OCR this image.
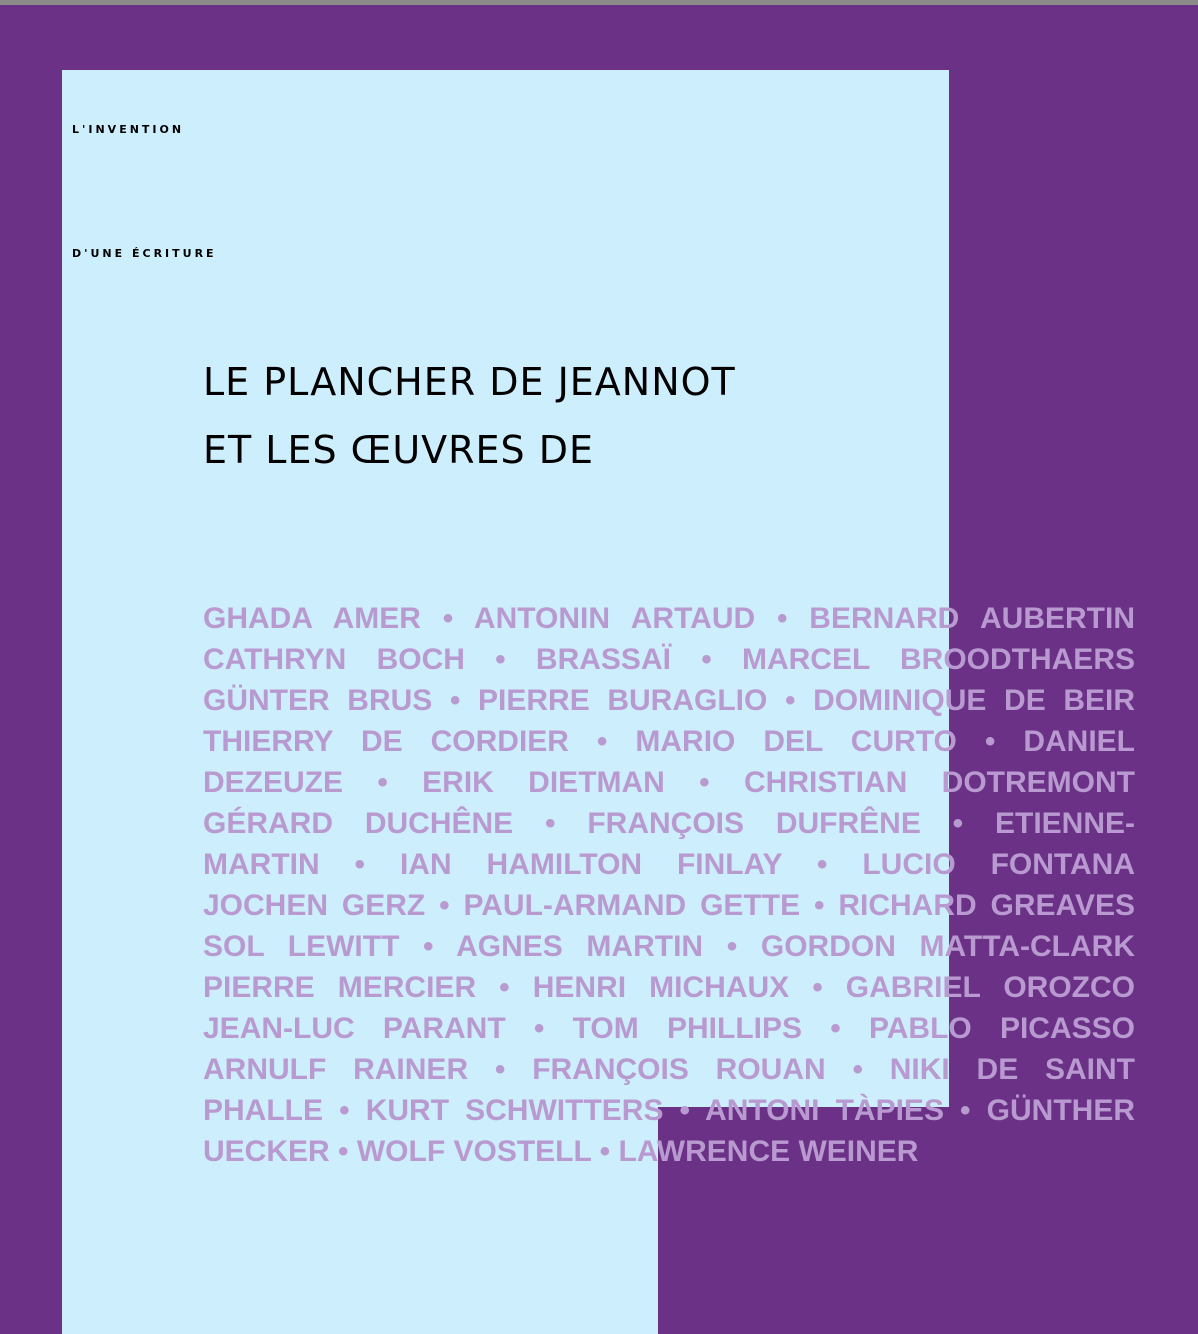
L'INVENTION
D'UNE ÉCRITURE

LE PLANCHER DE JEANNOT

ET LES ŒUVRES DE

GHADA AMER • ANTONIN ARTAUD • BERNARD AUBERTIN
CATHRYN BOCH • BRASSAÏ • MARCEL BROODTHAERS
GÜNTER BRUS • PIERRE BURAGLIO • DOMINIQUE DE BEIR
THIERRY DE CORDIER • MARIO DEL CURTO • DANIEL
DEZEUZE • ERIK DIETMAN • CHRISTIAN DOTREMONT
GÉRARD DUCHÊNE • FRANÇOIS DUFRÊNE • ETIENNE-
MARTIN • IAN HAMILTON FINLAY • LUCIO FONTANA
JOCHEN GERZ • PAUL-ARMAND GETTE • RICHARD GREAVES
SOL LEWITT • AGNES MARTIN • GORDON MATTA-CLARK
PIERRE MERCIER • HENRI MICHAUX • GABRIEL OROZCO
JEAN-LUC PARANT • TOM PHILLIPS • PABLO PICASSO
ARNULF RAINER • FRANÇOIS ROUAN • NIKI DE SAINT
PHALLE • KURT SCHWITTERS • ANTONI TÀPIES • GÜNTHER
UECKER • WOLF VOSTELL • LAWRENCE WEINER
